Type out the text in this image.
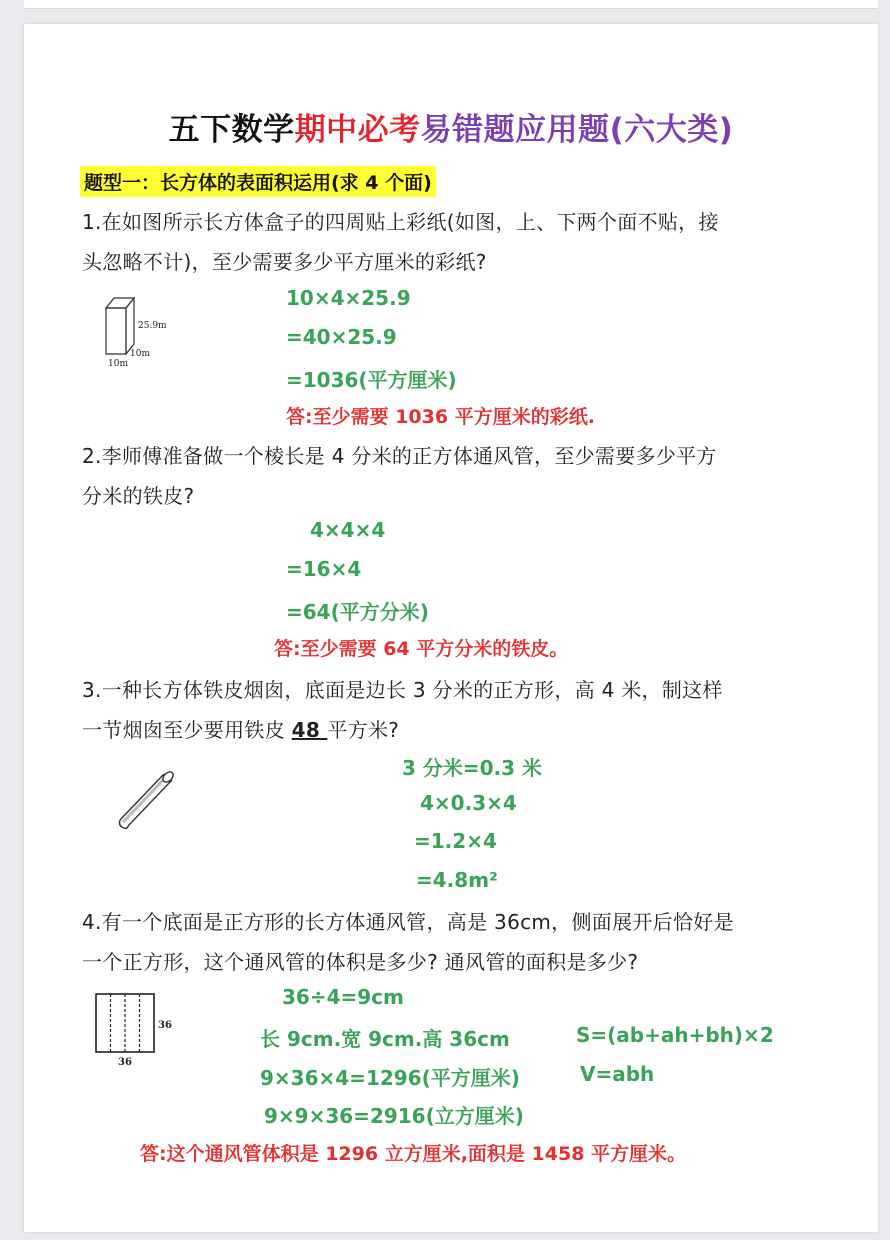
五下数学期中必考易错题应用题(六大类)
题型一：长方体的表面积运用(求 4 个面)
1.在如图所示长方体盒子的四周贴上彩纸(如图，上、下两个面不贴，接
头忽略不计)，至少需要多少平方厘米的彩纸?
25.9m
10m
10m
10×4×25.9
=40×25.9
=1036(平方厘米)
答:至少需要 1036 平方厘米的彩纸.
2.李师傅准备做一个棱长是 4 分米的正方体通风管，至少需要多少平方
分米的铁皮?
4×4×4
=16×4
=64(平方分米)
答:至少需要 64 平方分米的铁皮。
3.一种长方体铁皮烟囱，底面是边长 3 分米的正方形，高 4 米，制这样
一节烟囱至少要用铁皮 48 平方米?
3 分米=0.3 米
4×0.3×4
=1.2×4
=4.8m²
4.有一个底面是正方形的长方体通风管，高是 36cm，侧面展开后恰好是
一个正方形，这个通风管的体积是多少? 通风管的面积是多少?
36
36
36÷4=9cm
长 9cm.宽 9cm.高 36cm
9×36×4=1296(平方厘米)
9×9×36=2916(立方厘米)
S=(ab+ah+bh)×2
V=abh
答:这个通风管体积是 1296 立方厘米,面积是 1458 平方厘米。
